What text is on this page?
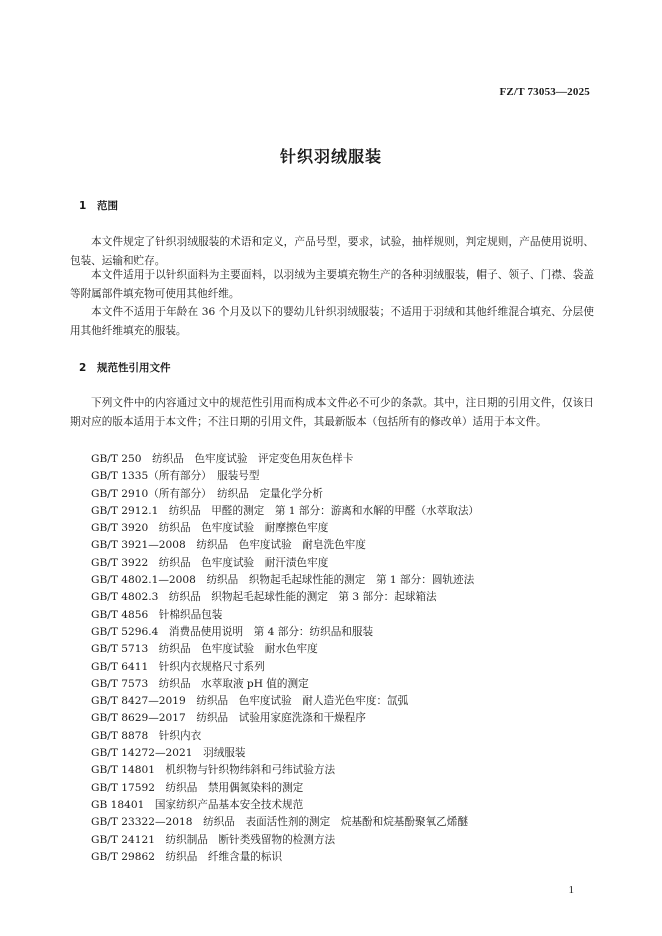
FZ/T 73053—2025
针织羽绒服装
1 范围

本文件规定了针织羽绒服装的术语和定义，产品号型，要求，试验，抽样规则，判定规则，产品使用说明、包装、运输和贮存。

本文件适用于以针织面料为主要面料，以羽绒为主要填充物生产的各种羽绒服装，帽子、领子、门襟、袋盖等附属部件填充物可使用其他纤维。

本文件不适用于年龄在 36 个月及以下的婴幼儿针织羽绒服装；不适用于羽绒和其他纤维混合填充、分层使用其他纤维填充的服装。

2 规范性引用文件

下列文件中的内容通过文中的规范性引用而构成本文件必不可少的条款。其中，注日期的引用文件，仅该日期对应的版本适用于本文件；不注日期的引用文件，其最新版本（包括所有的修改单）适用于本文件。

GB/T 250　纺织品　色牢度试验　评定变色用灰色样卡
GB/T 1335（所有部分）　服装号型
GB/T 2910（所有部分）　纺织品　定量化学分析
GB/T 2912.1　纺织品　甲醛的测定　第 1 部分：游离和水解的甲醛（水萃取法）
GB/T 3920　纺织品　色牢度试验　耐摩擦色牢度
GB/T 3921—2008　纺织品　色牢度试验　耐皂洗色牢度
GB/T 3922　纺织品　色牢度试验　耐汗渍色牢度
GB/T 4802.1—2008　纺织品　织物起毛起球性能的测定　第 1 部分：圆轨迹法
GB/T 4802.3　纺织品　织物起毛起球性能的测定　第 3 部分：起球箱法
GB/T 4856　针棉织品包装
GB/T 5296.4　消费品使用说明　第 4 部分：纺织品和服装
GB/T 5713　纺织品　色牢度试验　耐水色牢度
GB/T 6411　针织内衣规格尺寸系列
GB/T 7573　纺织品　水萃取液 pH 值的测定
GB/T 8427—2019　纺织品　色牢度试验　耐人造光色牢度：氙弧
GB/T 8629—2017　纺织品　试验用家庭洗涤和干燥程序
GB/T 8878　针织内衣
GB/T 14272—2021　羽绒服装
GB/T 14801　机织物与针织物纬斜和弓纬试验方法
GB/T 17592　纺织品　禁用偶氮染料的测定
GB 18401　国家纺织产品基本安全技术规范
GB/T 23322—2018　纺织品　表面活性剂的测定　烷基酚和烷基酚聚氧乙烯醚
GB/T 24121　纺织制品　断针类残留物的检测方法
GB/T 29862　纺织品　纤维含量的标识
1
